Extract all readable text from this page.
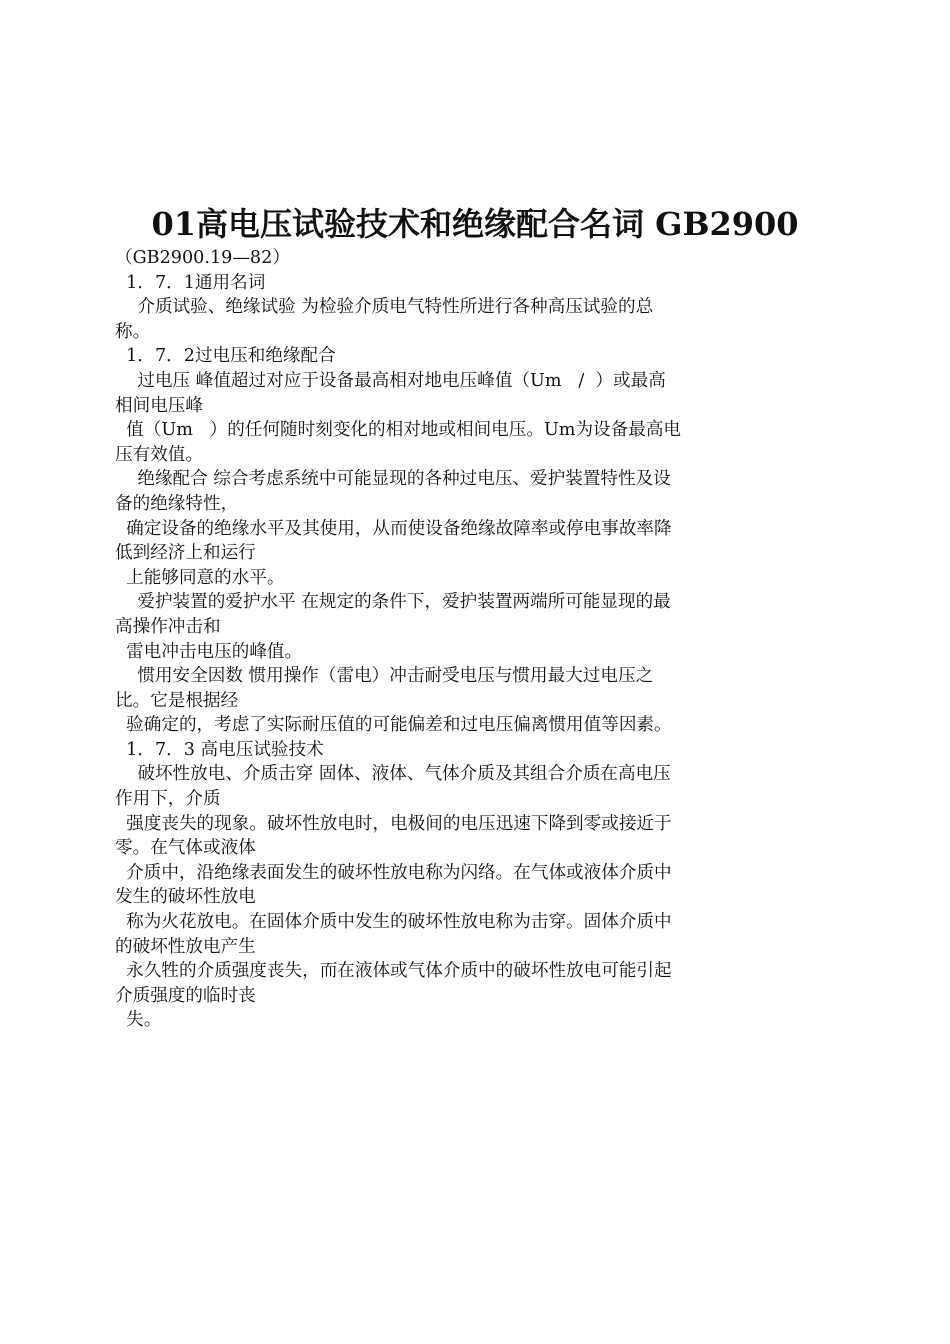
01高电压试验技术和绝缘配合名词 GB2900
（GB2900.19—82）
1．7．1通用名词
介质试验、绝缘试验 为检验介质电气特性所进行各种高压试验的总
称。
1．7．2过电压和绝缘配合
过电压 峰值超过对应于设备最高相对地电压峰值（Um   /  ）或最高
相间电压峰
值（Um   ）的任何随时刻变化的相对地或相间电压。Um为设备最高电
压有效值。
绝缘配合 综合考虑系统中可能显现的各种过电压、爱护装置特性及设
备的绝缘特性，
确定设备的绝缘水平及其使用，从而使设备绝缘故障率或停电事故率降
低到经济上和运行
上能够同意的水平。
爱护装置的爱护水平 在规定的条件下，爱护装置两端所可能显现的最
高操作冲击和
雷电冲击电压的峰值。
惯用安全因数 惯用操作（雷电）冲击耐受电压与惯用最大过电压之
比。它是根据经
验确定的，考虑了实际耐压值的可能偏差和过电压偏离惯用值等因素。
1．7．3 高电压试验技术
破坏性放电、介质击穿 固体、液体、气体介质及其组合介质在高电压
作用下，介质
强度丧失的现象。破坏性放电时，电极间的电压迅速下降到零或接近于
零。在气体或液体
介质中，沿绝缘表面发生的破坏性放电称为闪络。在气体或液体介质中
发生的破坏性放电
称为火花放电。在固体介质中发生的破坏性放电称为击穿。固体介质中
的破坏性放电产生
永久牲的介质强度丧失，而在液体或气体介质中的破坏性放电可能引起
介质强度的临时丧
失。
